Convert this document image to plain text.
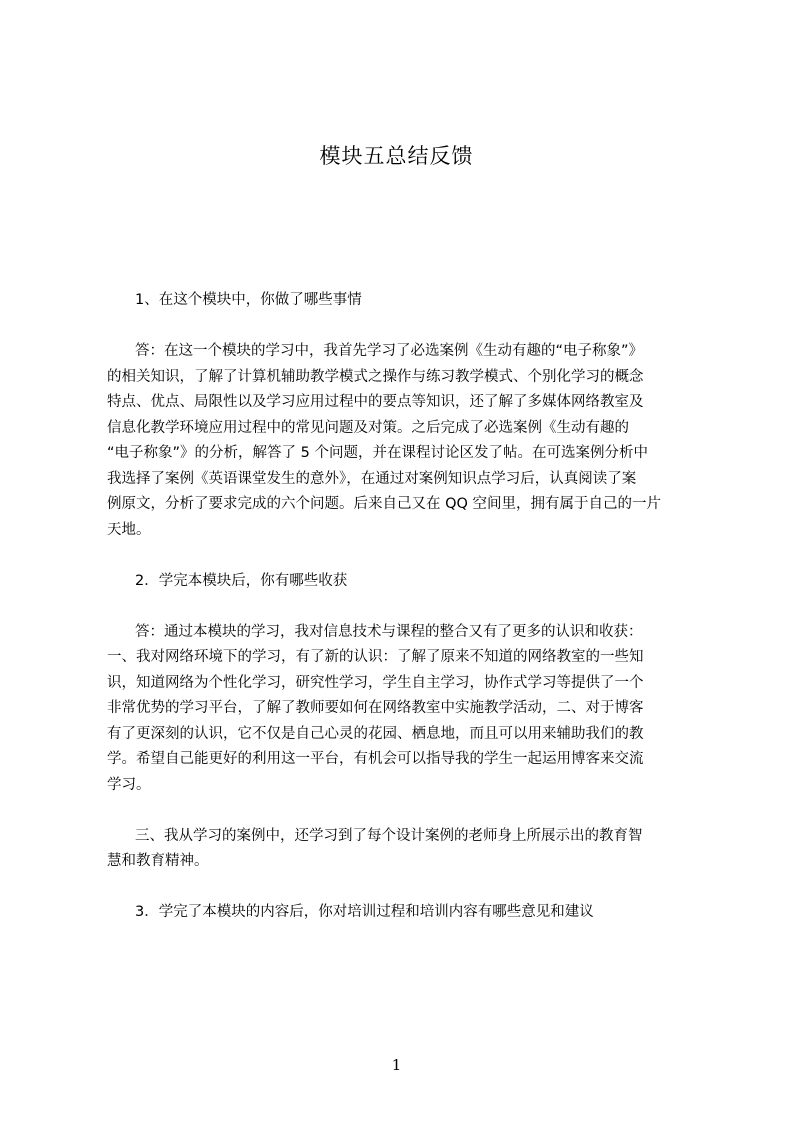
模块五总结反馈

1、在这个模块中，你做了哪些事情

答：在这一个模块的学习中，我首先学习了必选案例《生动有趣的“电子称象”》

的相关知识，了解了计算机辅助教学模式之操作与练习教学模式、个别化学习的概念

特点、优点、局限性以及学习应用过程中的要点等知识，还了解了多媒体网络教室及

信息化教学环境应用过程中的常见问题及对策。之后完成了必选案例《生动有趣的

“电子称象”》的分析，解答了 5 个问题，并在课程讨论区发了帖。在可选案例分析中

我选择了案例《英语课堂发生的意外》，在通过对案例知识点学习后，认真阅读了案

例原文，分析了要求完成的六个问题。后来自己又在 QQ 空间里，拥有属于自己的一片

天地。

2．学完本模块后，你有哪些收获

答：通过本模块的学习，我对信息技术与课程的整合又有了更多的认识和收获：

一、我对网络环境下的学习，有了新的认识：了解了原来不知道的网络教室的一些知

识，知道网络为个性化学习，研究性学习，学生自主学习，协作式学习等提供了一个

非常优势的学习平台，了解了教师要如何在网络教室中实施教学活动，二、对于博客

有了更深刻的认识，它不仅是自己心灵的花园、栖息地，而且可以用来辅助我们的教

学。希望自己能更好的利用这一平台，有机会可以指导我的学生一起运用博客来交流

学习。

三、我从学习的案例中，还学习到了每个设计案例的老师身上所展示出的教育智

慧和教育精神。

3．学完了本模块的内容后，你对培训过程和培训内容有哪些意见和建议

1
